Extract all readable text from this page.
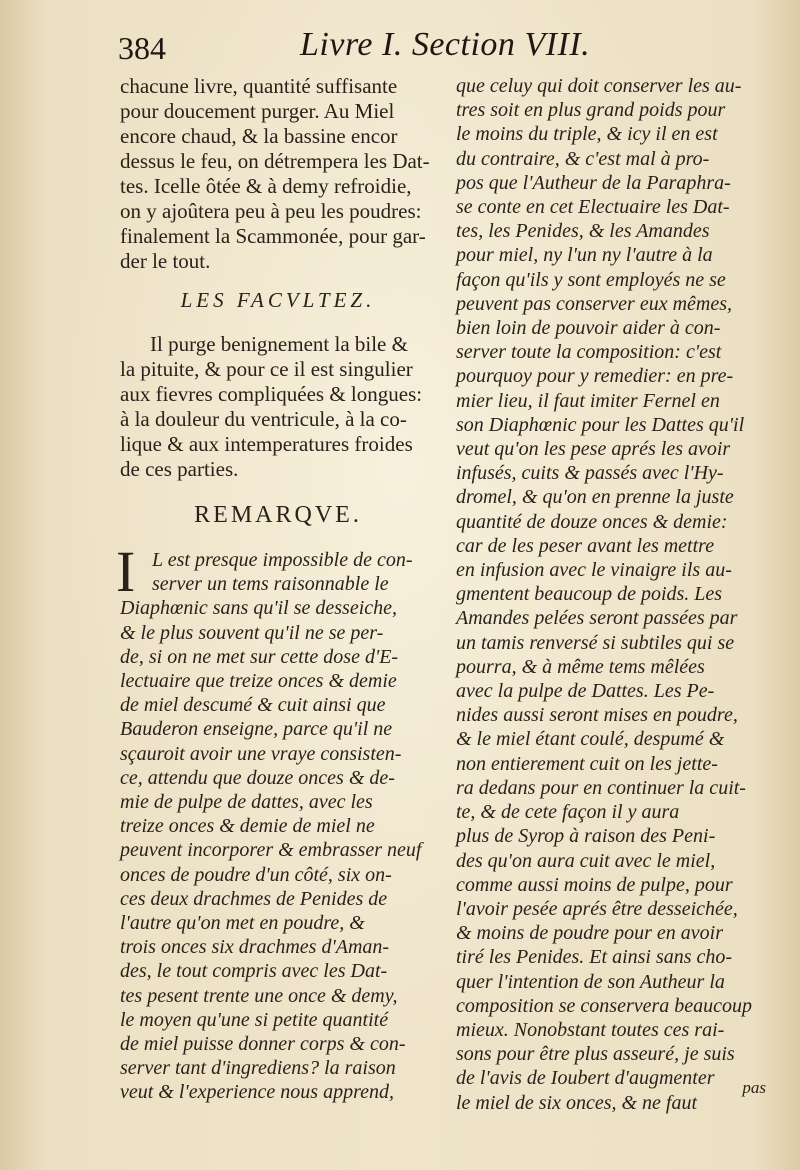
384	Livre I. Section VIII.

chacune livre, quantité suffisante
pour doucement purger. Au Miel
encore chaud, & la bassine encor
dessus le feu, on détrempera les Dat-
tes. Icelle ôtée & à demy refroidie,
on y ajoûtera peu à peu les poudres:
finalement la Scammonée, pour gar-
der le tout.

LES FACVLTEZ.

Il purge benignement la bile &
la pituite, & pour ce il est singulier
aux fievres compliquées & longues:
à la douleur du ventricule, à la co-
lique & aux intemperatures froides
de ces parties.

REMARQVE.

I L est presque impossible de con-
server un tems raisonnable le
Diaphœnic sans qu'il se desseiche,
& le plus souvent qu'il ne se per-
de, si on ne met sur cette dose d'E-
lectuaire que treize onces & demie
de miel descumé & cuit ainsi que
Bauderon enseigne, parce qu'il ne
sçauroit avoir une vraye consisten-
ce, attendu que douze onces & de-
mie de pulpe de dattes, avec les
treize onces & demie de miel ne
peuvent incorporer & embrasser neuf
onces de poudre d'un côté, six on-
ces deux drachmes de Penides de
l'autre qu'on met en poudre, &
trois onces six drachmes d'Aman-
des, le tout compris avec les Dat-
tes pesent trente une once & demy,
le moyen qu'une si petite quantité
de miel puisse donner corps & con-
server tant d'ingrediens? la raison
veut & l'experience nous apprend,

que celuy qui doit conserver les au-
tres soit en plus grand poids pour
le moins du triple, & icy il en est
du contraire, & c'est mal à pro-
pos que l'Autheur de la Paraphra-
se conte en cet Electuaire les Dat-
tes, les Penides, & les Amandes
pour miel, ny l'un ny l'autre à la
façon qu'ils y sont employés ne se
peuvent pas conserver eux mêmes,
bien loin de pouvoir aider à con-
server toute la composition: c'est
pourquoy pour y remedier: en pre-
mier lieu, il faut imiter Fernel en
son Diaphœnic pour les Dattes qu'il
veut qu'on les pese aprés les avoir
infusés, cuits & passés avec l'Hy-
dromel, & qu'on en prenne la juste
quantité de douze onces & demie:
car de les peser avant les mettre
en infusion avec le vinaigre ils au-
gmentent beaucoup de poids. Les
Amandes pelées seront passées par
un tamis renversé si subtiles qui se
pourra, & à même tems mêlées
avec la pulpe de Dattes. Les Pe-
nides aussi seront mises en poudre,
& le miel étant coulé, despumé &
non entierement cuit on les jette-
ra dedans pour en continuer la cuit-
te, & de cete façon il y aura
plus de Syrop à raison des Peni-
des qu'on aura cuit avec le miel,
comme aussi moins de pulpe, pour
l'avoir pesée aprés être desseichée,
& moins de poudre pour en avoir
tiré les Penides. Et ainsi sans cho-
quer l'intention de son Autheur la
composition se conservera beaucoup
mieux. Nonobstant toutes ces rai-
sons pour être plus asseuré, je suis
de l'avis de Ioubert d'augmenter
le miel de six onces, & ne faut

pas
